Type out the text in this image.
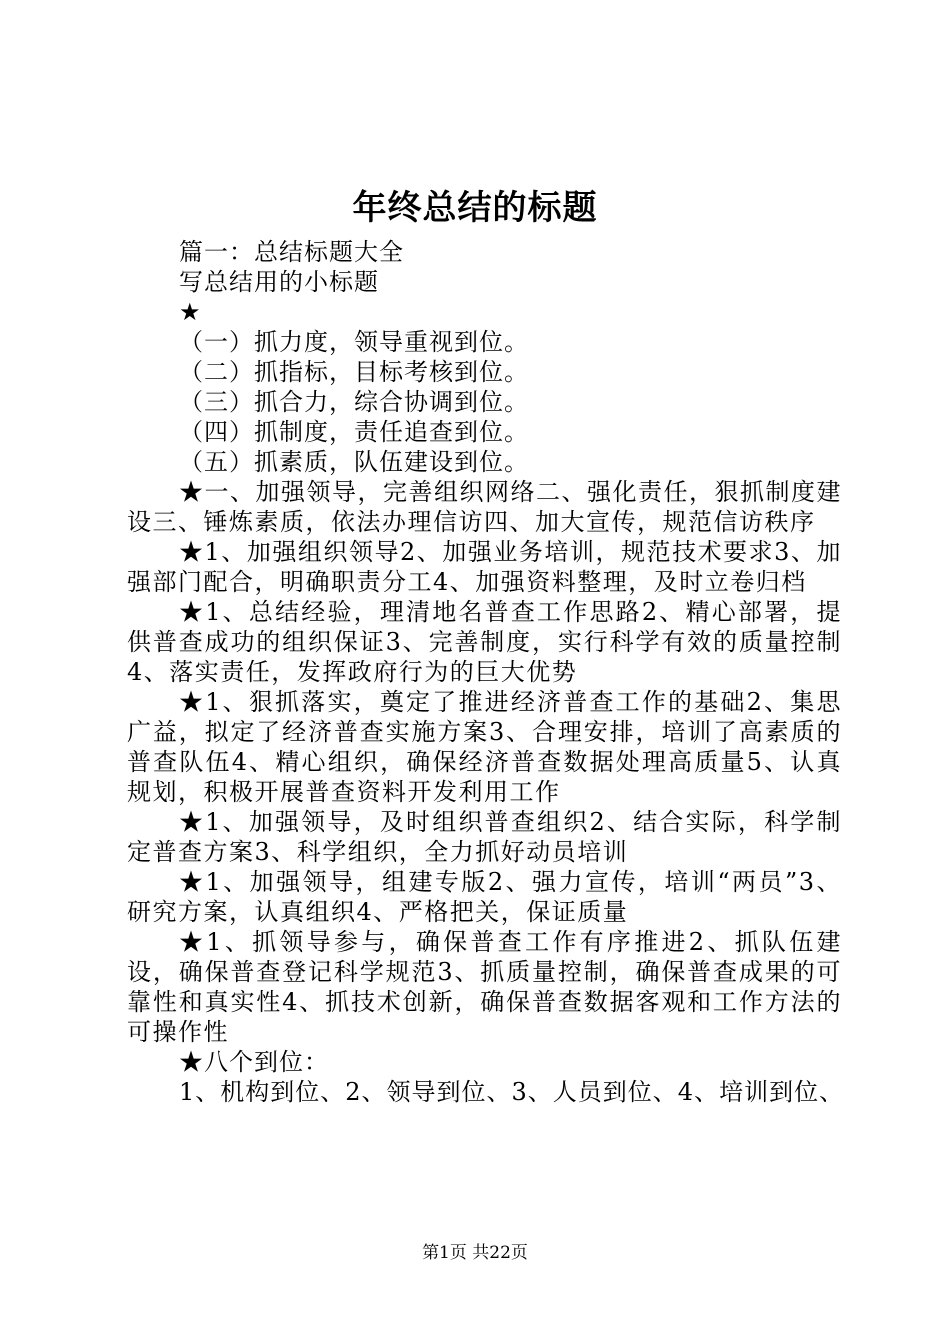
年终总结的标题

篇一：总结标题大全

写总结用的小标题

★

（一）抓力度，领导重视到位。

（二）抓指标，目标考核到位。

（三）抓合力，综合协调到位。

（四）抓制度，责任追查到位。

（五）抓素质，队伍建设到位。

★一、加强领导，完善组织网络二、强化责任，狠抓制度建设三、锤炼素质，依法办理信访四、加大宣传，规范信访秩序

★1、加强组织领导2、加强业务培训，规范技术要求3、加强部门配合，明确职责分工4、加强资料整理，及时立卷归档

★1、总结经验，理清地名普查工作思路2、精心部署，提供普查成功的组织保证3、完善制度，实行科学有效的质量控制4、落实责任，发挥政府行为的巨大优势

★1、狠抓落实，奠定了推进经济普查工作的基础2、集思广益，拟定了经济普查实施方案3、合理安排，培训了高素质的普查队伍4、精心组织，确保经济普查数据处理高质量5、认真规划，积极开展普查资料开发利用工作

★1、加强领导，及时组织普查组织2、结合实际，科学制定普查方案3、科学组织，全力抓好动员培训

★1、加强领导，组建专版2、强力宣传，培训“两员”3、研究方案，认真组织4、严格把关，保证质量

★1、抓领导参与，确保普查工作有序推进2、抓队伍建设，确保普查登记科学规范3、抓质量控制，确保普查成果的可靠性和真实性4、抓技术创新，确保普查数据客观和工作方法的可操作性

★八个到位：

1、机构到位、2、领导到位、3、人员到位、4、培训到位、

第1页 共22页
